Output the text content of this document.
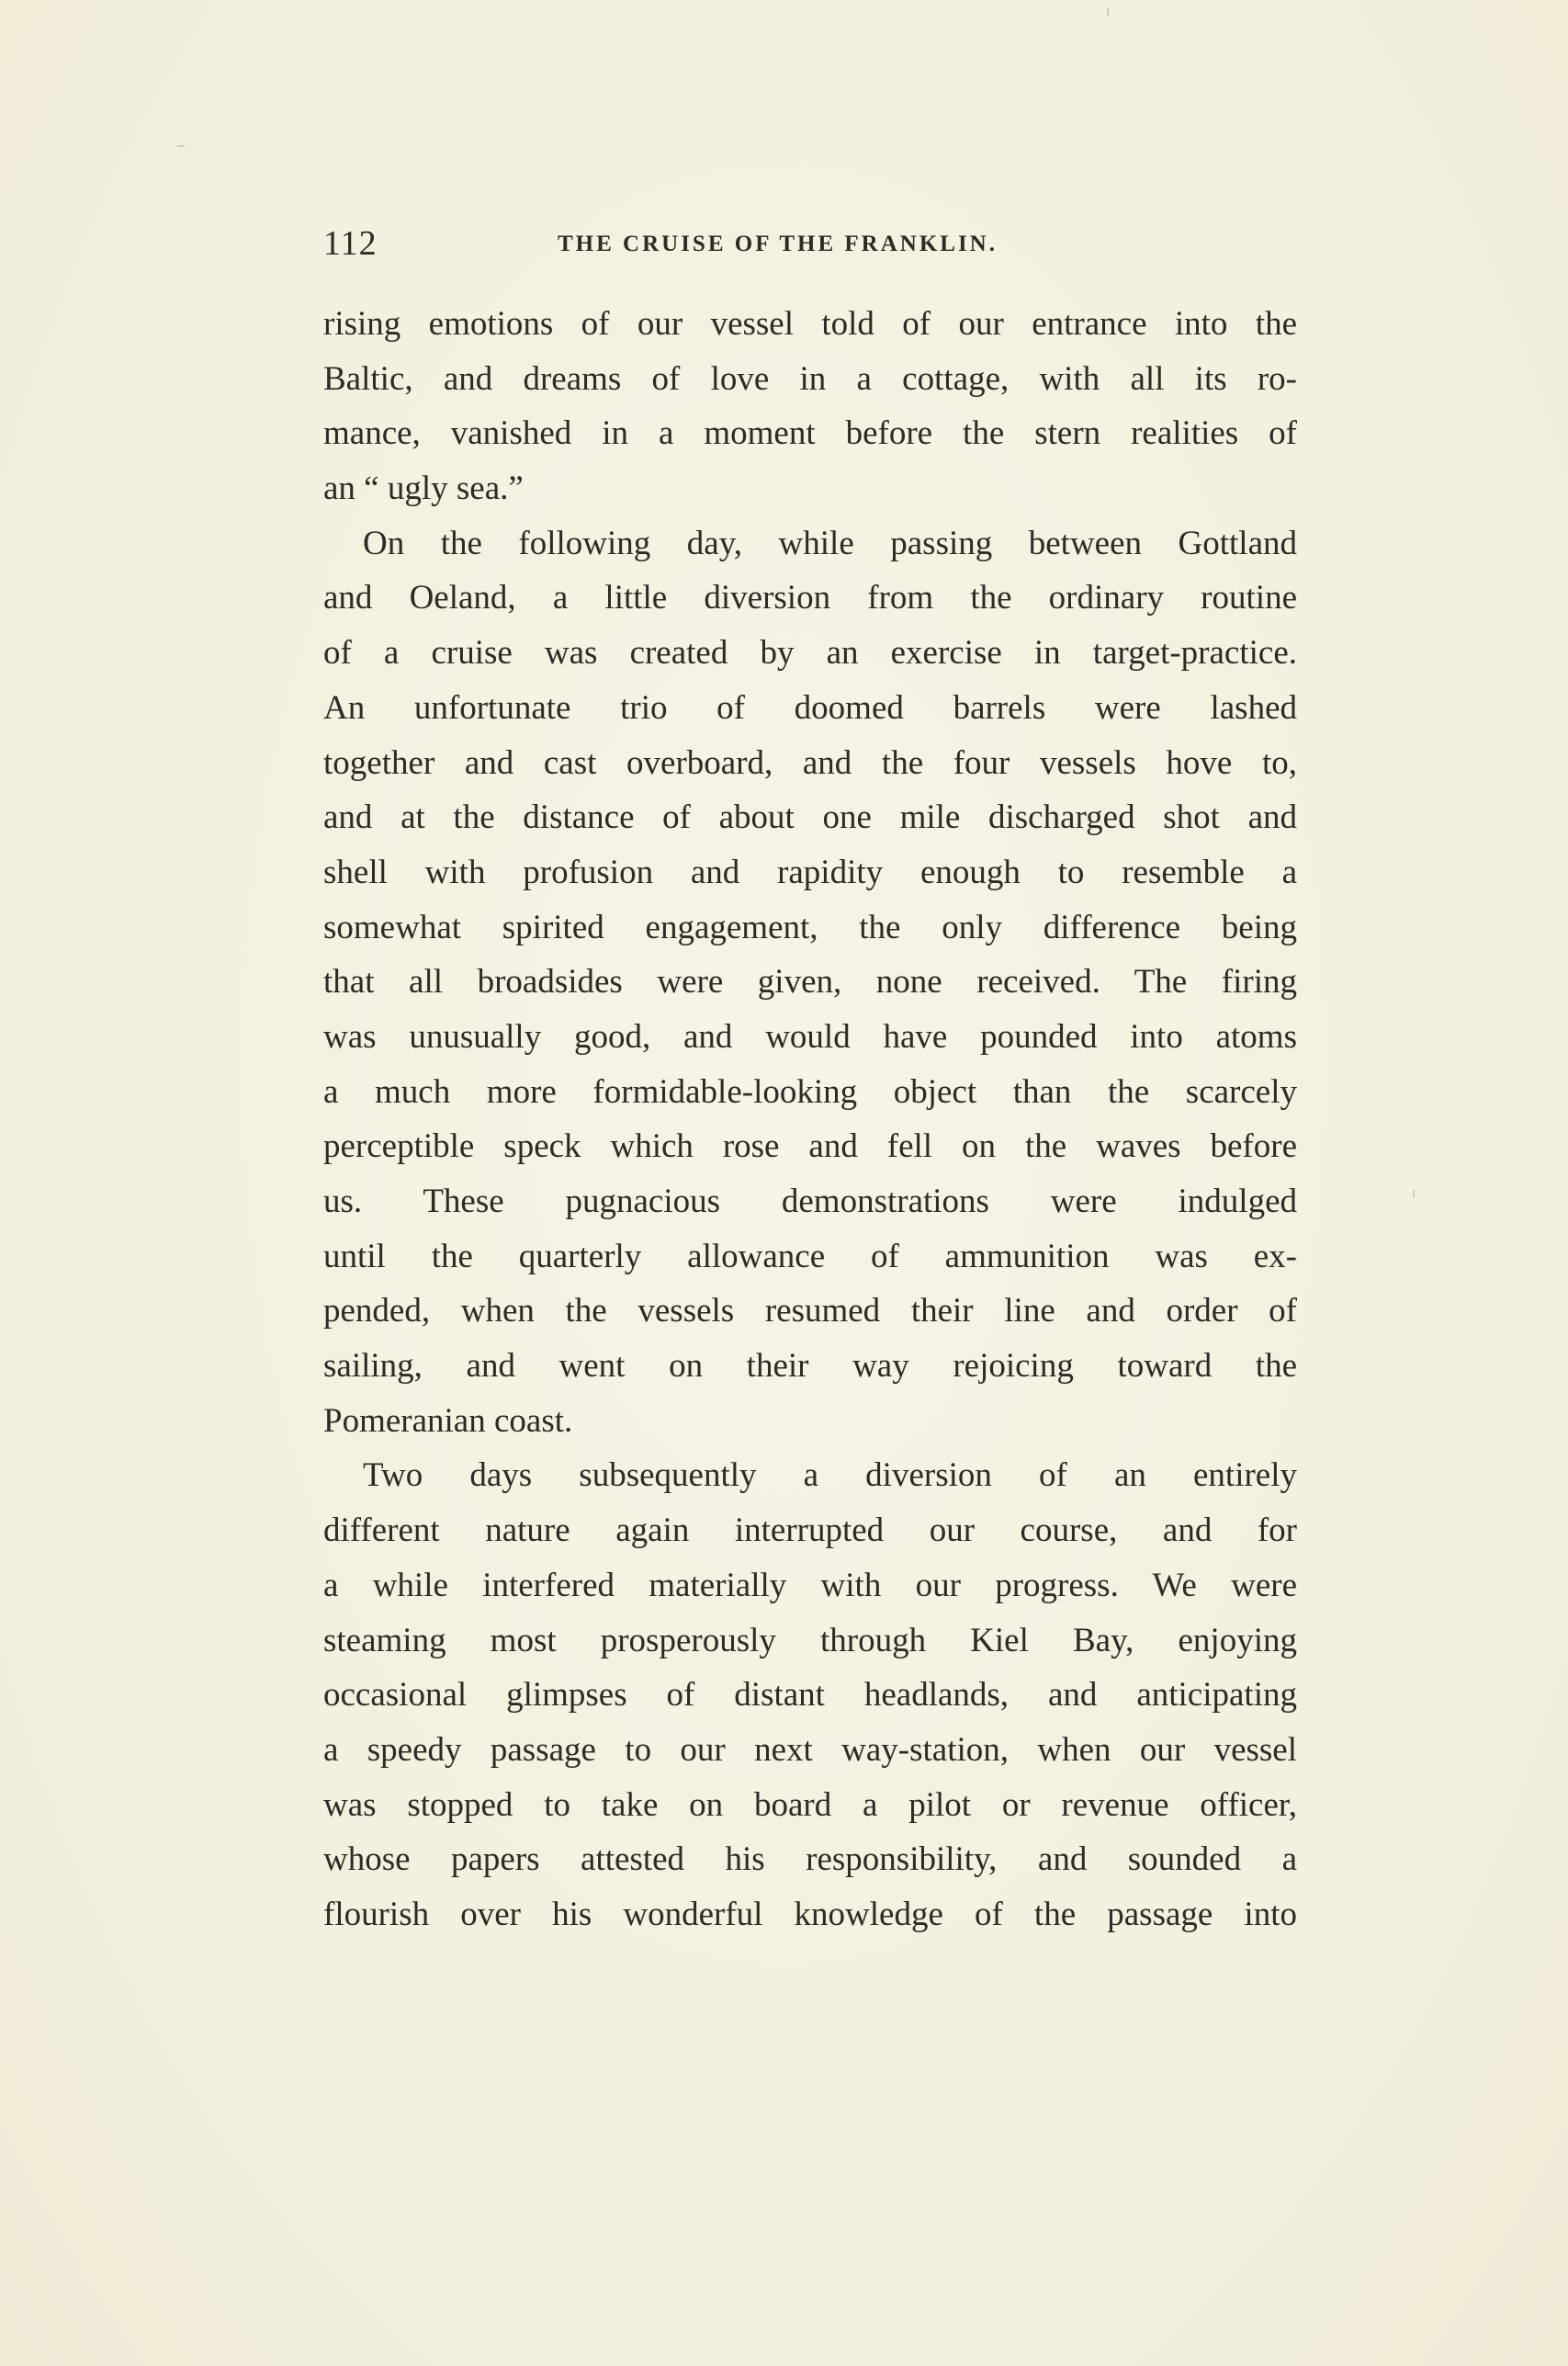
112	THE CRUISE OF THE FRANKLIN.
rising emotions of our vessel told of our entrance into the
Baltic, and dreams of love in a cottage, with all its ro-
mance, vanished in a moment before the stern realities of
an “ ugly sea.”
On the following day, while passing between Gottland
and Oeland, a little diversion from the ordinary routine
of a cruise was created by an exercise in target-practice.
An unfortunate trio of doomed barrels were lashed
together and cast overboard, and the four vessels hove to,
and at the distance of about one mile discharged shot and
shell with profusion and rapidity enough to resemble a
somewhat spirited engagement, the only difference being
that all broadsides were given, none received. The firing
was unusually good, and would have pounded into atoms
a much more formidable-looking object than the scarcely
perceptible speck which rose and fell on the waves before
us. These pugnacious demonstrations were indulged
until the quarterly allowance of ammunition was ex-
pended, when the vessels resumed their line and order of
sailing, and went on their way rejoicing toward the
Pomeranian coast.
Two days subsequently a diversion of an entirely
different nature again interrupted our course, and for
a while interfered materially with our progress. We were
steaming most prosperously through Kiel Bay, enjoying
occasional glimpses of distant headlands, and anticipating
a speedy passage to our next way-station, when our vessel
was stopped to take on board a pilot or revenue officer,
whose papers attested his responsibility, and sounded a
flourish over his wonderful knowledge of the passage into
